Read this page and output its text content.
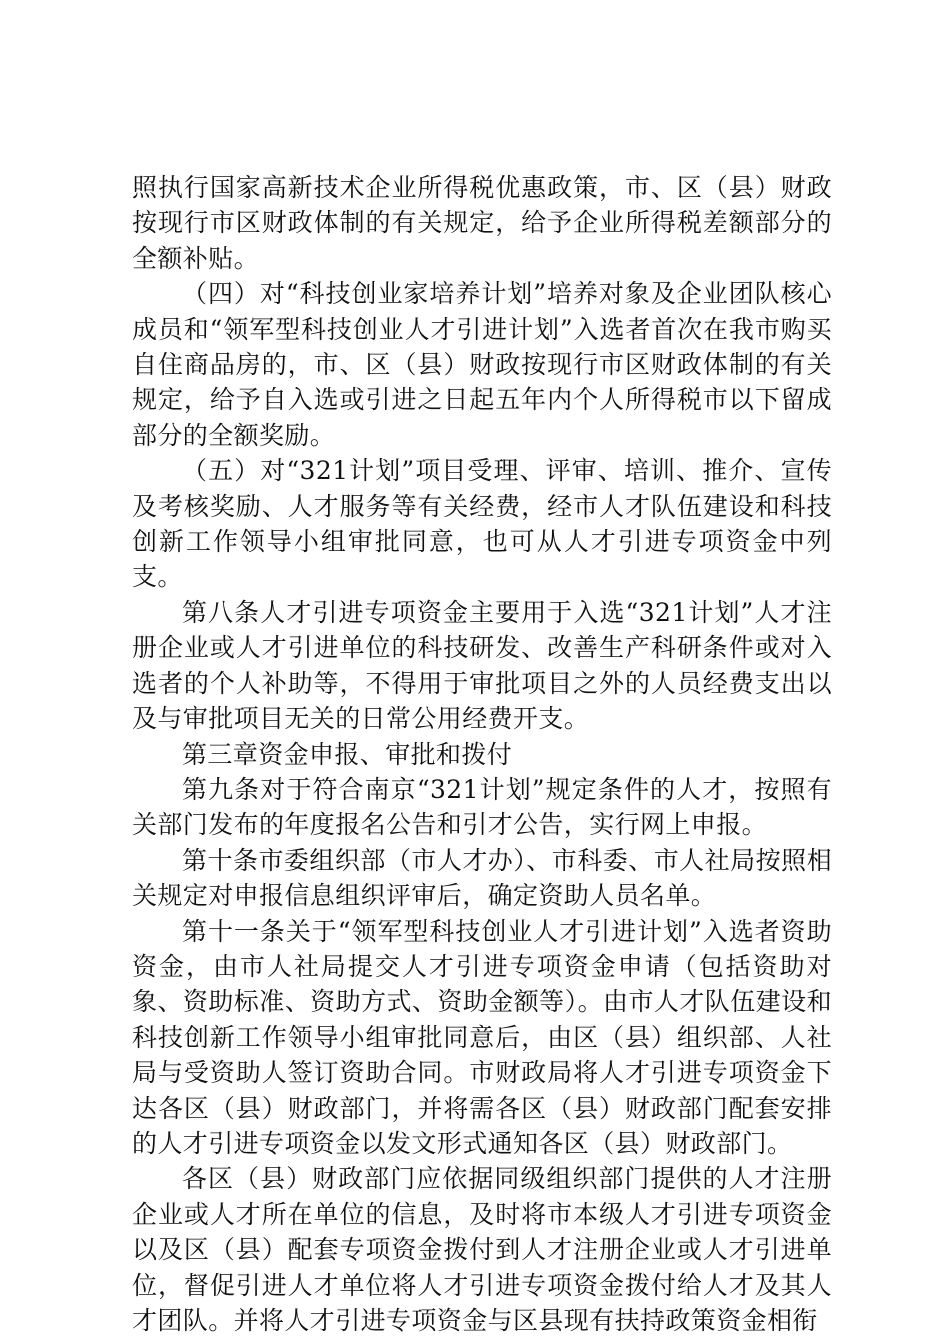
照执行国家高新技术企业所得税优惠政策，市、区（县）财政按现行市区财政体制的有关规定，给予企业所得税差额部分的全额补贴。

（四）对“科技创业家培养计划”培养对象及企业团队核心成员和“领军型科技创业人才引进计划”入选者首次在我市购买自住商品房的，市、区（县）财政按现行市区财政体制的有关规定，给予自入选或引进之日起五年内个人所得税市以下留成部分的全额奖励。

（五）对“321计划”项目受理、评审、培训、推介、宣传及考核奖励、人才服务等有关经费，经市人才队伍建设和科技创新工作领导小组审批同意，也可从人才引进专项资金中列支。

第八条人才引进专项资金主要用于入选“321计划”人才注册企业或人才引进单位的科技研发、改善生产科研条件或对入选者的个人补助等，不得用于审批项目之外的人员经费支出以及与审批项目无关的日常公用经费开支。

第三章资金申报、审批和拨付

第九条对于符合南京“321计划”规定条件的人才，按照有关部门发布的年度报名公告和引才公告，实行网上申报。

第十条市委组织部（市人才办）、市科委、市人社局按照相关规定对申报信息组织评审后，确定资助人员名单。

第十一条关于“领军型科技创业人才引进计划”入选者资助资金，由市人社局提交人才引进专项资金申请（包括资助对象、资助标准、资助方式、资助金额等）。由市人才队伍建设和科技创新工作领导小组审批同意后，由区（县）组织部、人社局与受资助人签订资助合同。市财政局将人才引进专项资金下达各区（县）财政部门，并将需各区（县）财政部门配套安排的人才引进专项资金以发文形式通知各区（县）财政部门。

各区（县）财政部门应依据同级组织部门提供的人才注册企业或人才所在单位的信息，及时将市本级人才引进专项资金以及区（县）配套专项资金拨付到人才注册企业或人才引进单位，督促引进人才单位将人才引进专项资金拨付给人才及其人才团队。并将人才引进专项资金与区县现有扶持政策资金相衔
